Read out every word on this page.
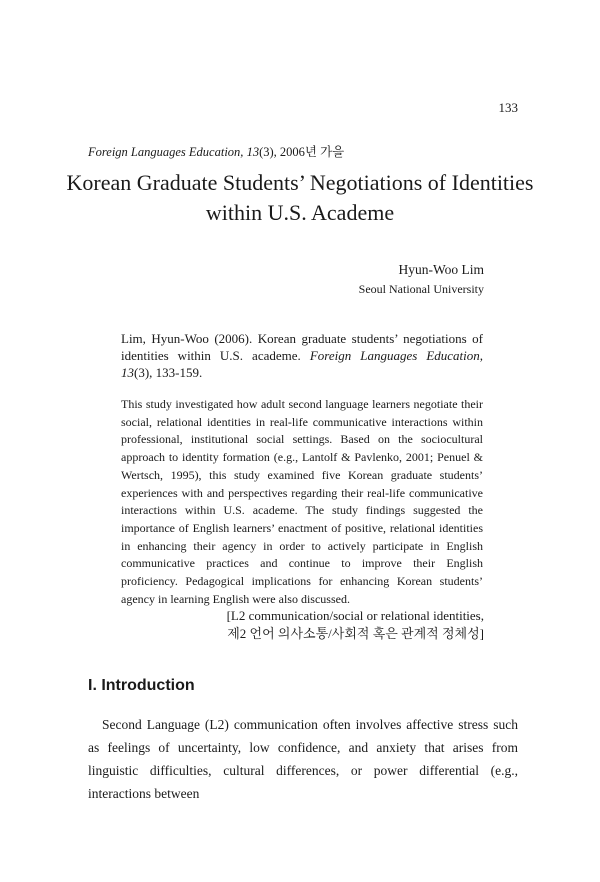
133
Foreign Languages Education, 13(3), 2006년 가을
Korean Graduate Students’ Negotiations of Identities within U.S. Academe
Hyun-Woo Lim
Seoul National University
Lim, Hyun-Woo (2006). Korean graduate students’ negotiations of identities within U.S. academe. Foreign Languages Education, 13(3), 133-159.
This study investigated how adult second language learners negotiate their social, relational identities in real-life communicative interactions within professional, institutional social settings. Based on the sociocultural approach to identity formation (e.g., Lantolf & Pavlenko, 2001; Penuel & Wertsch, 1995), this study examined five Korean graduate students’ experiences with and perspectives regarding their real-life communicative interactions within U.S. academe. The study findings suggested the importance of English learners’ enactment of positive, relational identities in enhancing their agency in order to actively participate in English communicative practices and continue to improve their English proficiency. Pedagogical implications for enhancing Korean students’ agency in learning English were also discussed.
[L2 communication/social or relational identities,
제2 언어 의사소통/사회적 혹은 관계적 정체성]
I. Introduction

Second Language (L2) communication often involves affective stress such as feelings of uncertainty, low confidence, and anxiety that arises from linguistic difficulties, cultural differences, or power differential (e.g., interactions between
